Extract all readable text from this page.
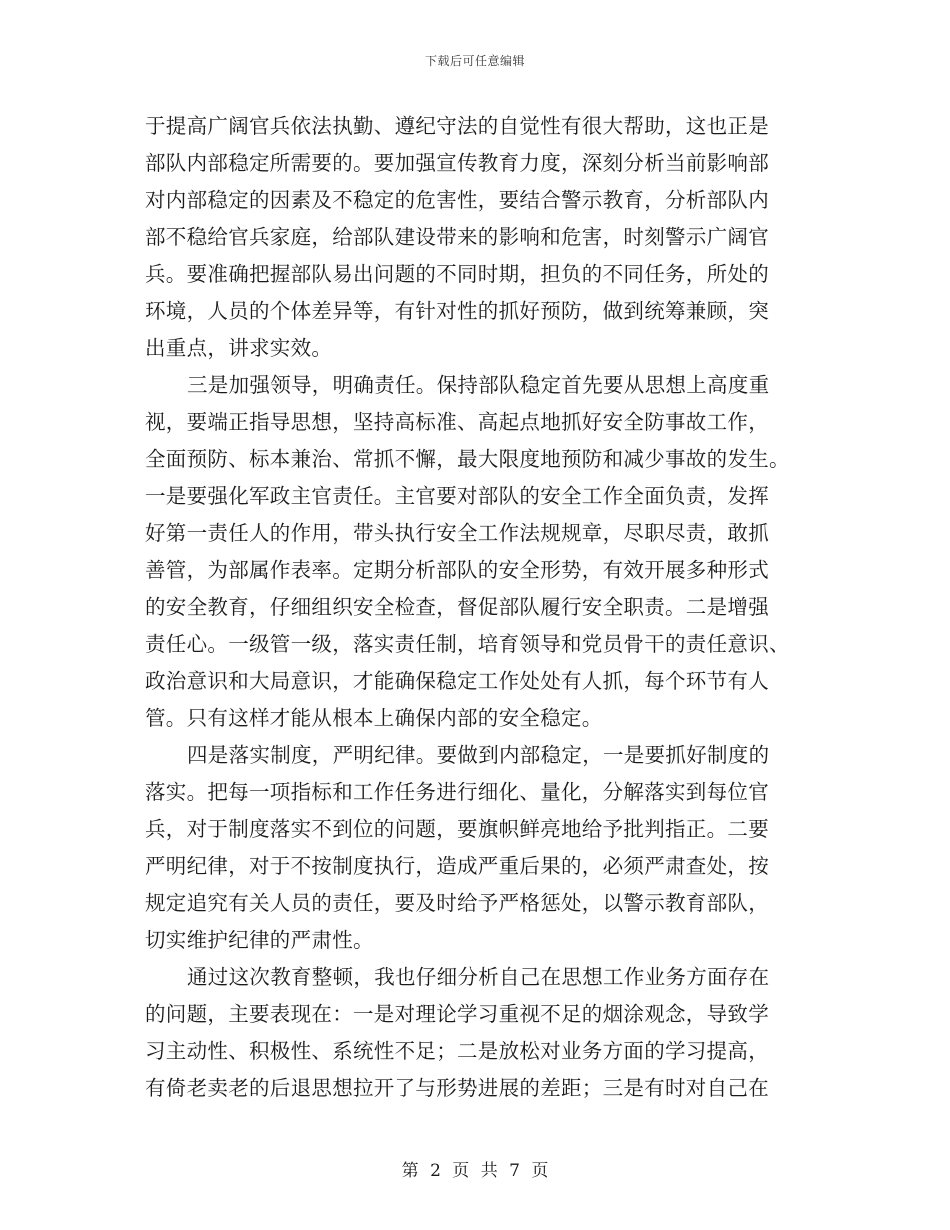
下载后可任意编辑
于提高广阔官兵依法执勤、遵纪守法的自觉性有很大帮助，这也正是
部队内部稳定所需要的。要加强宣传教育力度，深刻分析当前影响部
对内部稳定的因素及不稳定的危害性，要结合警示教育，分析部队内
部不稳给官兵家庭，给部队建设带来的影响和危害，时刻警示广阔官
兵。要准确把握部队易出问题的不同时期，担负的不同任务，所处的
环境，人员的个体差异等，有针对性的抓好预防，做到统筹兼顾，突
出重点，讲求实效。
三是加强领导，明确责任。保持部队稳定首先要从思想上高度重
视，要端正指导思想，坚持高标准、高起点地抓好安全防事故工作，
全面预防、标本兼治、常抓不懈，最大限度地预防和减少事故的发生。
一是要强化军政主官责任。主官要对部队的安全工作全面负责，发挥
好第一责任人的作用，带头执行安全工作法规规章，尽职尽责，敢抓
善管，为部属作表率。定期分析部队的安全形势，有效开展多种形式
的安全教育，仔细组织安全检查，督促部队履行安全职责。二是增强
责任心。一级管一级，落实责任制，培育领导和党员骨干的责任意识、
政治意识和大局意识，才能确保稳定工作处处有人抓，每个环节有人
管。只有这样才能从根本上确保内部的安全稳定。
四是落实制度，严明纪律。要做到内部稳定，一是要抓好制度的
落实。把每一项指标和工作任务进行细化、量化，分解落实到每位官
兵，对于制度落实不到位的问题，要旗帜鲜亮地给予批判指正。二要
严明纪律，对于不按制度执行，造成严重后果的，必须严肃查处，按
规定追究有关人员的责任，要及时给予严格惩处，以警示教育部队，
切实维护纪律的严肃性。
通过这次教育整顿，我也仔细分析自己在思想工作业务方面存在
的问题，主要表现在：一是对理论学习重视不足的烟涂观念，导致学
习主动性、积极性、系统性不足；二是放松对业务方面的学习提高，
有倚老卖老的后退思想拉开了与形势进展的差距；三是有时对自己在
第 2 页 共 7 页
